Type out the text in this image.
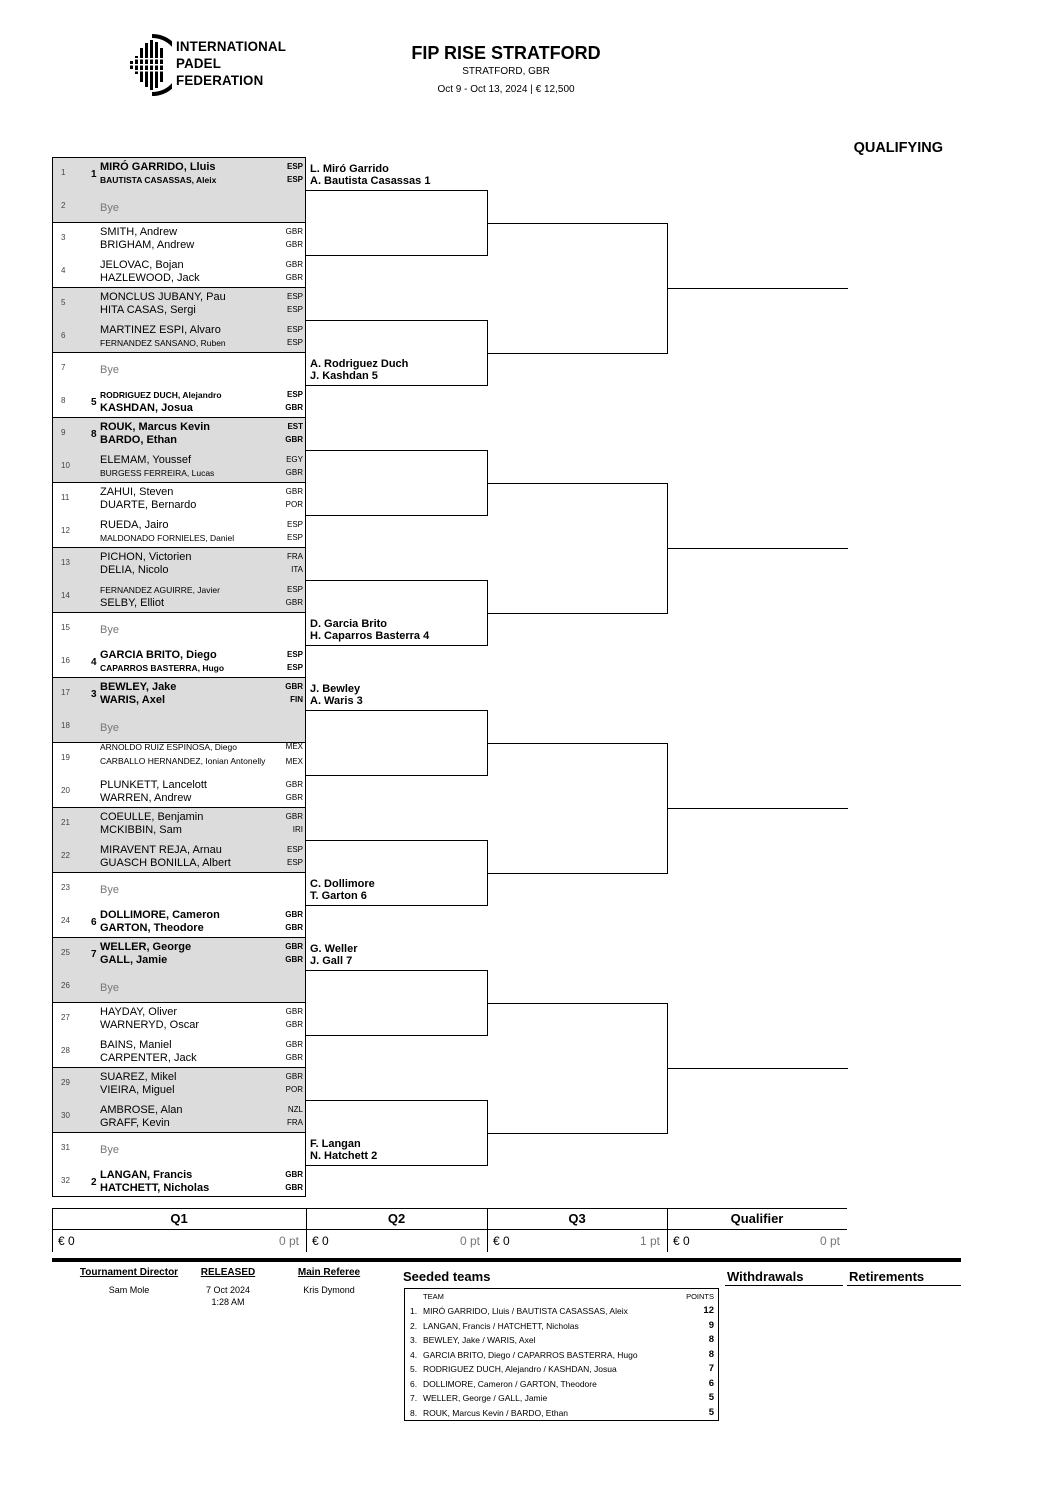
INTERNATIONAL
PADEL
FEDERATION
FIP RISE STRATFORD
STRATFORD, GBR
Oct 9 - Oct 13, 2024 | € 12,500
QUALIFYING
1	1
MIRÓ GARRIDO, Lluis	ESP
BAUTISTA CASASSAS, Aleix	ESP
2	Bye
3	SMITH, Andrew	GBR
BRIGHAM, Andrew	GBR
4	JELOVAC, Bojan	GBR
HAZLEWOOD, Jack	GBR
5	MONCLUS JUBANY, Pau	ESP
HITA CASAS, Sergi	ESP
6	MARTINEZ ESPI, Alvaro	ESP
FERNANDEZ SANSANO, Ruben	ESP
7	Bye
8	5
RODRIGUEZ DUCH, Alejandro	ESP
KASHDAN, Josua	GBR
9	8
ROUK, Marcus Kevin	EST
BARDO, Ethan	GBR
10	ELEMAM, Youssef	EGY
BURGESS FERREIRA, Lucas	GBR
11	ZAHUI, Steven	GBR
DUARTE, Bernardo	POR
12	RUEDA, Jairo	ESP
MALDONADO FORNIELES, Daniel	ESP
13	PICHON, Victorien	FRA
DELIA, Nicolo	ITA
14
FERNANDEZ AGUIRRE, Javier	ESP
SELBY, Elliot	GBR
15	Bye
16 4
GARCIA BRITO, Diego	ESP
CAPARROS BASTERRA, Hugo	ESP
17 3
BEWLEY, Jake	GBR
WARIS, Axel	FIN
18	Bye
19
ARNOLDO RUIZ ESPINOSA, Diego	MEX
CARBALLO HERNANDEZ, Ionian Antonelly	MEX
20	PLUNKETT, Lancelott	GBR
WARREN, Andrew	GBR
21	COEULLE, Benjamin	GBR
MCKIBBIN, Sam	IRI
22	MIRAVENT REJA, Arnau	ESP
GUASCH BONILLA, Albert	ESP
23	Bye
24 6
DOLLIMORE, Cameron	GBR
GARTON, Theodore	GBR
25 7
WELLER, George	GBR
GALL, Jamie	GBR
26	Bye
27	HAYDAY, Oliver	GBR
WARNERYD, Oscar	GBR
28	BAINS, Maniel	GBR
CARPENTER, Jack	GBR
29	SUAREZ, Mikel	GBR
VIEIRA, Miguel	POR
30	AMBROSE, Alan	NZL
GRAFF, Kevin	FRA
31	Bye
32 2
LANGAN, Francis	GBR
HATCHETT, Nicholas	GBR
L. Miró Garrido
A. Bautista Casassas 1
A. Rodriguez Duch
J. Kashdan 5
D. Garcia Brito
H. Caparros Basterra 4
J. Bewley
A. Waris 3
C. Dollimore
T. Garton 6
G. Weller
J. Gall 7
F. Langan
N. Hatchett 2
Q1
€ 0	0 pt
Q2
€ 0	0 pt
Q3
€ 0	1 pt
Qualifier
€ 0	0 pt
Tournament Director
Sam Mole
RELEASED
7 Oct 2024
1:28 AM
Main Referee
Kris Dymond
Seeded teams
TEAM	POINTS
1. MIRÓ GARRIDO, Lluis / BAUTISTA CASASSAS, Aleix	12
2. LANGAN, Francis / HATCHETT, Nicholas	9
3. BEWLEY, Jake / WARIS, Axel	8
4. GARCIA BRITO, Diego / CAPARROS BASTERRA, Hugo	8
5. RODRIGUEZ DUCH, Alejandro / KASHDAN, Josua	7
6. DOLLIMORE, Cameron / GARTON, Theodore	6
7. WELLER, George / GALL, Jamie	5
8. ROUK, Marcus Kevin / BARDO, Ethan	5
Withdrawals	Retirements
